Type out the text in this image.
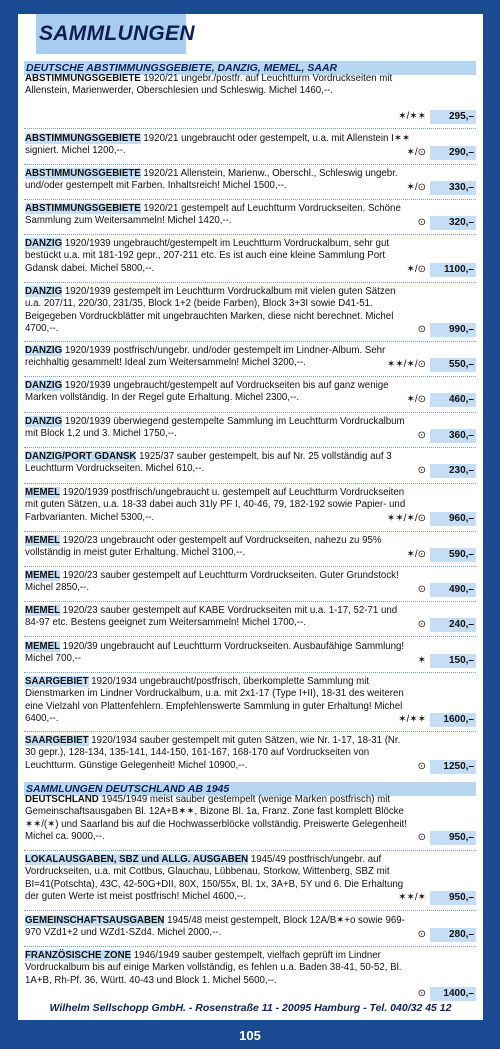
SAMMLUNGEN
DEUTSCHE ABSTIMMUNGSGEBIETE, DANZIG, MEMEL, SAAR
ABSTIMMUNGSGEBIETE 1920/21 ungebr./postfr. auf Leuchtturm Vordruckseiten mit Allenstein, Marienwerder, Oberschlesien und Schleswig. Michel 1460,--.
✶/✶✶	295,–
ABSTIMMUNGSGEBIETE 1920/21 ungebraucht oder gestempelt, u.a. mit Allenstein I✶✶ signiert. Michel 1200,--.	✶/⊙	290,–
ABSTIMMUNGSGEBIETE 1920/21 Allenstein, Marienw., Oberschl., Schleswig ungebr. und/oder gestempelt mit Farben. Inhaltsreich! Michel 1500,--.	✶/⊙	330,–
ABSTIMMUNGSGEBIETE 1920/21 gestempelt auf Leuchtturm Vordruckseiten. Schöne Sammlung zum Weitersammeln! Michel 1420,--.	⊙	320,–
DANZIG 1920/1939 ungebraucht/gestempelt im Leuchtturm Vordruckalbum, sehr gut bestückt u.a. mit 181-192 gepr., 207-211 etc. Es ist auch eine kleine Sammlung Port Gdansk dabei. Michel 5800,--.	✶/⊙	1100,–
DANZIG 1920/1939 gestempelt im Leuchtturm Vordruckalbum mit vielen guten Sätzen u.a. 207/11, 220/30, 231/35, Block 1+2 (beide Farben), Block 3+3I sowie D41-51. Beigegeben Vordruckblätter mit ungebrauchten Marken, diese nicht berechnet. Michel 4700,--.	⊙	990,–
DANZIG 1920/1939 postfrisch/ungebr. und/oder gestempelt im Lindner-Album. Sehr reichhaltig gesammelt! Ideal zum Weitersammeln! Michel 3200,--.	✶✶/✶/⊙	550,–
DANZIG 1920/1939 ungebraucht/gestempelt auf Vordruckseiten bis auf ganz wenige Marken vollständig. In der Regel gute Erhaltung. Michel 2300,--.	✶/⊙	460,–
DANZIG 1920/1939 überwiegend gestempelte Sammlung im Leuchtturm Vordruckalbum mit Block 1,2 und 3. Michel 1750,--.	⊙	360,–
DANZIG/PORT GDANSK 1925/37 sauber gestempelt, bis auf Nr. 25 vollständig auf 3 Leuchtturm Vordruckseiten. Michel 610,--.	⊙	230,–
MEMEL 1920/1939 postfrisch/ungebraucht u. gestempelt auf Leuchtturm Vordruckseiten mit guten Sätzen, u.a. 18-33 dabei auch 31ly PF I, 40-46, 79, 182-192 sowie Papier- und Farbvarianten. Michel 5300,--.	✶✶/✶/⊙	960,–
MEMEL 1920/23 ungebraucht oder gestempelt auf Vordruckseiten, nahezu zu 95% vollständig in meist guter Erhaltung. Michel 3100,--.	✶/⊙	590,–
MEMEL 1920/23 sauber gestempelt auf Leuchtturm Vordruckseiten. Guter Grundstock! Michel 2850,--.	⊙	490,–
MEMEL 1920/23 sauber gestempelt auf KABE Vordruckseiten mit u.a. 1-17, 52-71 und 84-97 etc. Bestens geeignet zum Weitersammeln! Michel 1700,--.	⊙	240,–
MEMEL 1920/39 ungebraucht auf Leuchtturm Vordruckseiten. Ausbaufähige Sammlung! Michel 700,--	✶	150,–
SAARGEBIET 1920/1934 ungebraucht/postfrisch, überkomplette Sammlung mit Dienstmarken im Lindner Vordruckalbum, u.a. mit 2x1-17 (Type I+II), 18-31 des weiteren eine Vielzahl von Plattenfehlern. Empfehlenswerte Sammlung in guter Erhaltung! Michel 6400,--.	✶/✶✶	1600,–
SAARGEBIET 1920/1934 sauber gestempelt mit guten Sätzen, wie Nr. 1-17, 18-31 (Nr. 30 gepr.), 128-134, 135-141, 144-150, 161-167, 168-170 auf Vordruckseiten von Leuchtturm. Günstige Gelegenheit! Michel 10900,--.	⊙	1250,–
SAMMLUNGEN DEUTSCHLAND AB 1945
DEUTSCHLAND 1945/1949 meist sauber gestempelt (wenige Marken postfrisch) mit Gemeinschaftsausgaben Bl. 12A+B✶✶, Bizone Bl. 1a, Franz. Zone fast komplett Blöcke ✶✶/(✶) und Saarland bis auf die Hochwasserblöcke vollständig. Preiswerte Gelegenheit! Michel ca. 9000,--.	⊙	950,–
LOKALAUSGABEN, SBZ und ALLG. AUSGABEN 1945/49 postfrisch/ungebr. auf Vordruckseiten, u.a. mit Cottbus, Glauchau, Lübbenau, Storkow, Wittenberg, SBZ mit BI=41(Potschta), 43C, 42-50G+DII, 80X, 150/55x, Bl. 1x, 3A+B, 5Y und 6. Die Erhaltung der guten Werte ist meist postfrisch! Michel 4600,--.	✶✶/✶	950,–
GEMEINSCHAFTSAUSGABEN 1945/48 meist gestempelt, Block 12A/B✶+o sowie 969-970 VZd1+2 und WZd1-SZd4. Michel 2000,--.	⊙	280,–
FRANZÖSISCHE ZONE 1946/1949 sauber gestempelt, vielfach geprüft im Lindner Vordruckalbum bis auf einige Marken vollständig, es fehlen u.a. Baden 38-41, 50-52, Bl. 1A+B, Rh-Pf. 36, Württ. 40-43 und Block 1. Michel 5600,--.
⊙	1400,–
Wilhelm Sellschopp GmbH. - Rosenstraße 11 - 20095 Hamburg - Tel. 040/32 45 12
105
